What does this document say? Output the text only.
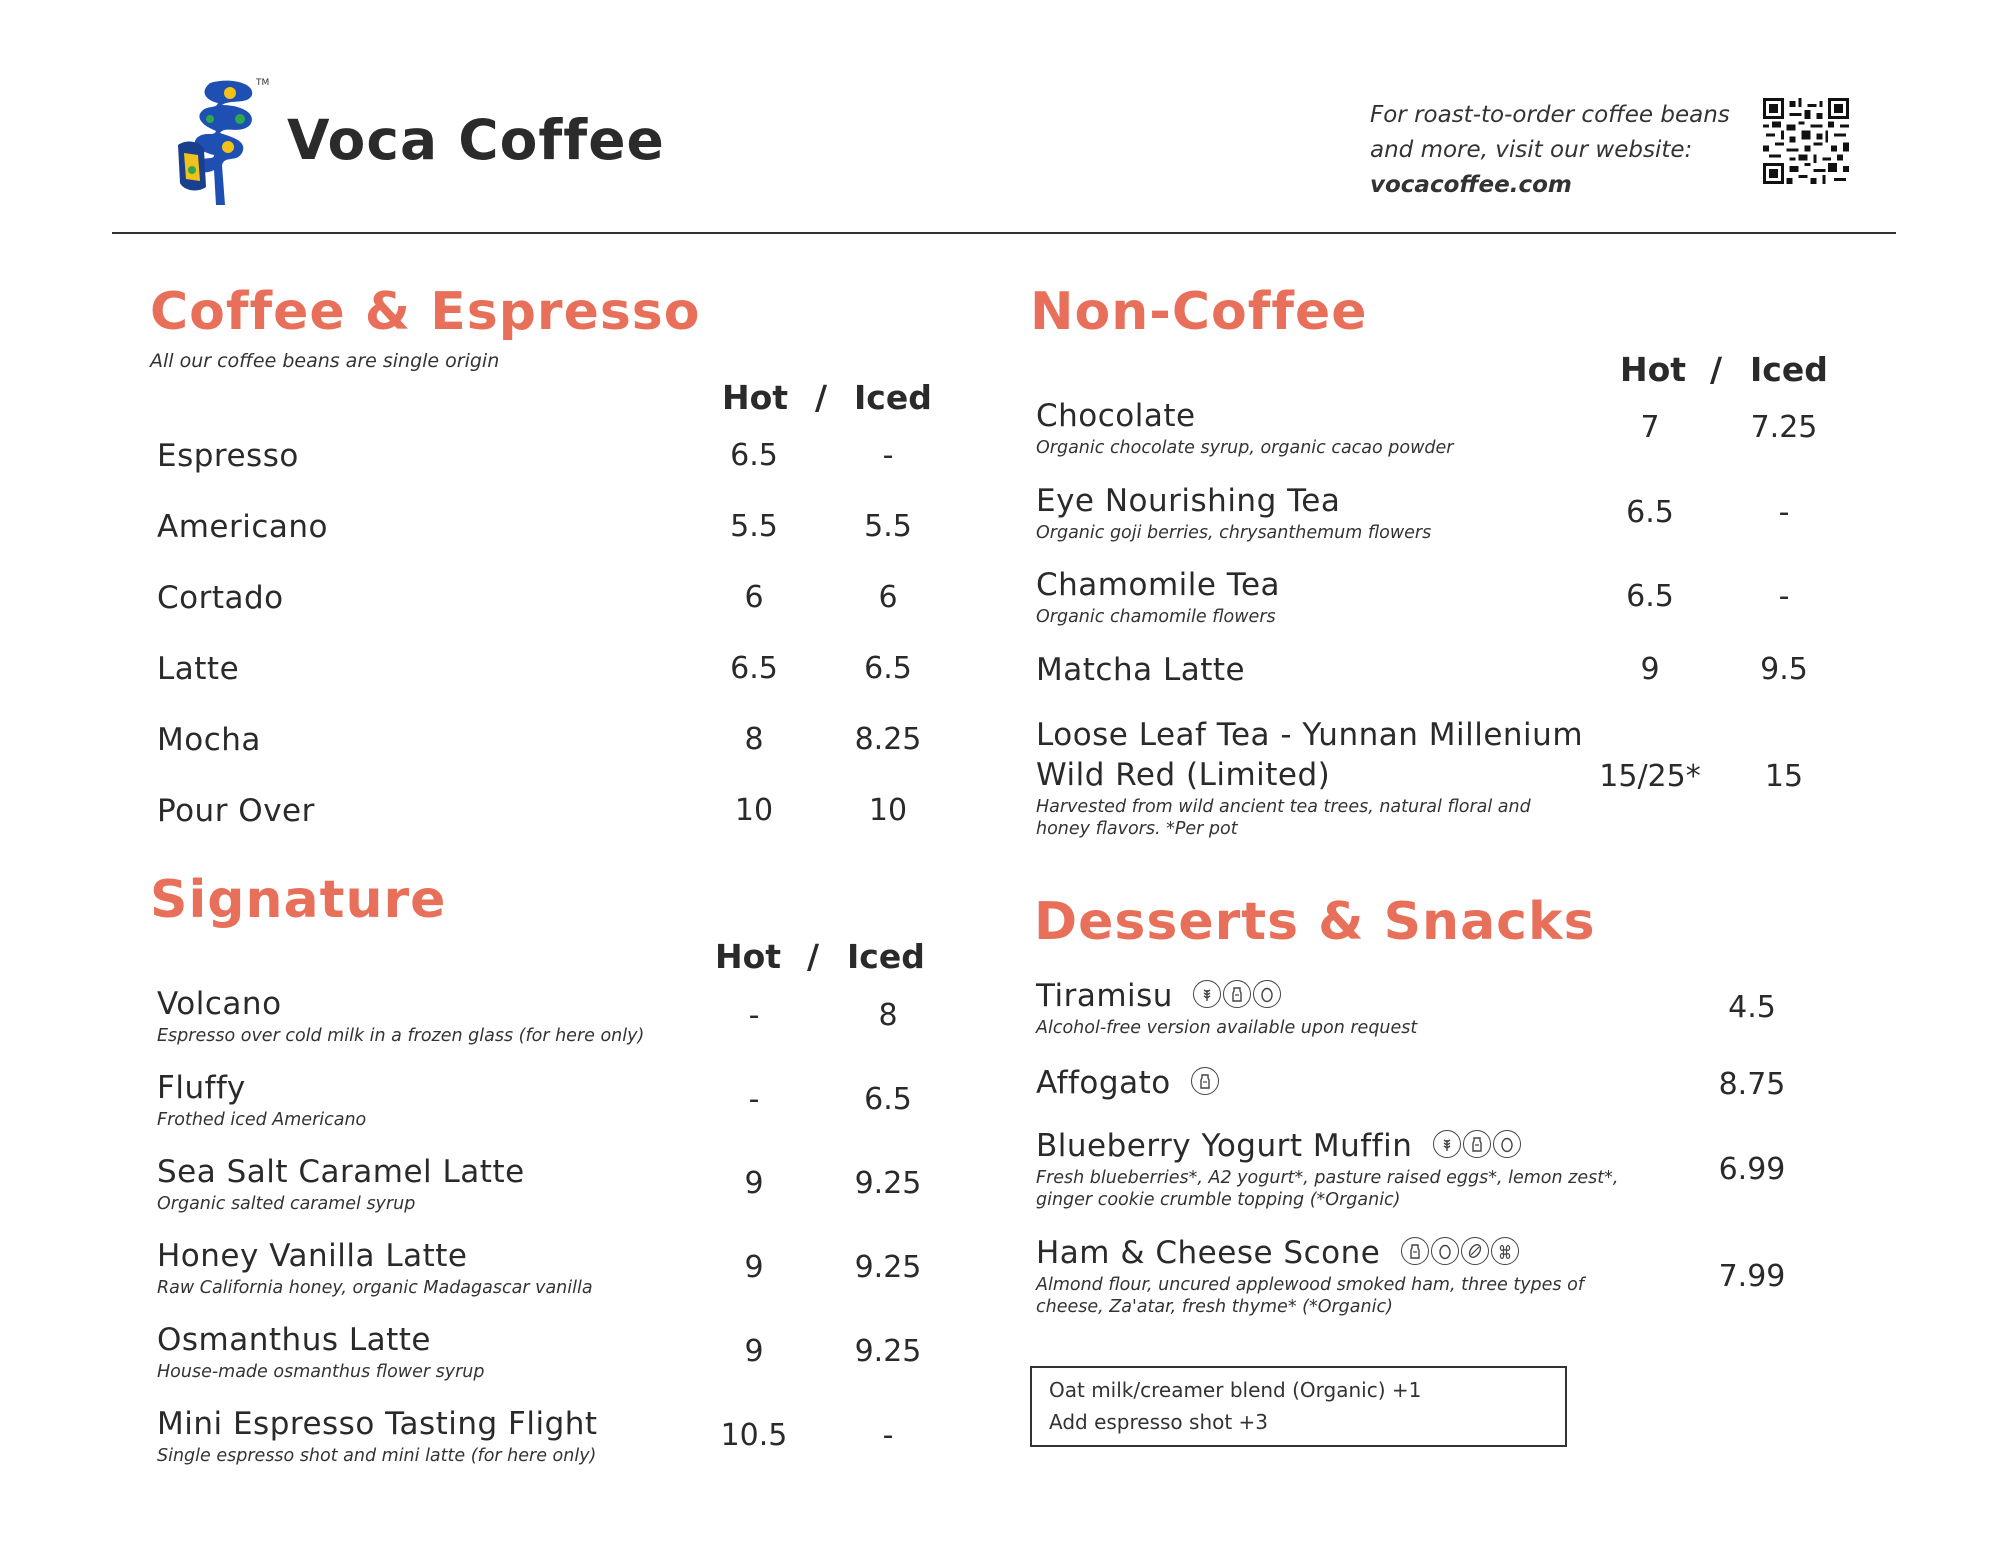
TM
Voca Coffee	For roast-to-order coffee beans
and more, visit our website:
vocacoffee.com
Coffee & Espresso
All our coffee beans are single origin
Hot / Iced
Espresso	6.5	-
Americano	5.5	5.5
Cortado	6	6
Latte	6.5	6.5
Mocha	8	8.25
Pour Over	10	10
Signature
Hot / Iced
Volcano
Espresso over cold milk in a frozen glass (for here only)
-	8
Fluffy
Frothed iced Americano
-	6.5
Sea Salt Caramel Latte
Organic salted caramel syrup
9	9.25
Honey Vanilla Latte
Raw California honey, organic Madagascar vanilla
9	9.25
Osmanthus Latte
House-made osmanthus flower syrup
9	9.25
Mini Espresso Tasting Flight
Single espresso shot and mini latte (for here only)
10.5	-
Non-Coffee
Hot / Iced
Chocolate
Organic chocolate syrup, organic cacao powder
7	7.25
Eye Nourishing Tea
Organic goji berries, chrysanthemum flowers
6.5	-
Chamomile Tea
Organic chamomile flowers
6.5	-
Matcha Latte	9	9.5
Loose Leaf Tea - Yunnan Millenium
Wild Red (Limited)
Harvested from wild ancient tea trees, natural floral and
honey flavors. *Per pot
15/25*	15
Desserts & Snacks
Tiramisu
Alcohol-free version available upon request
4.5
Affogato	8.75
Blueberry Yogurt Muffin
Fresh blueberries*, A2 yogurt*, pasture raised eggs*, lemon zest*,
ginger cookie crumble topping (*Organic)
6.99
Ham & Cheese Scone
Almond flour, uncured applewood smoked ham, three types of
cheese, Za'atar, fresh thyme* (*Organic)
7.99
Oat milk/creamer blend (Organic) +1
Add espresso shot +3
